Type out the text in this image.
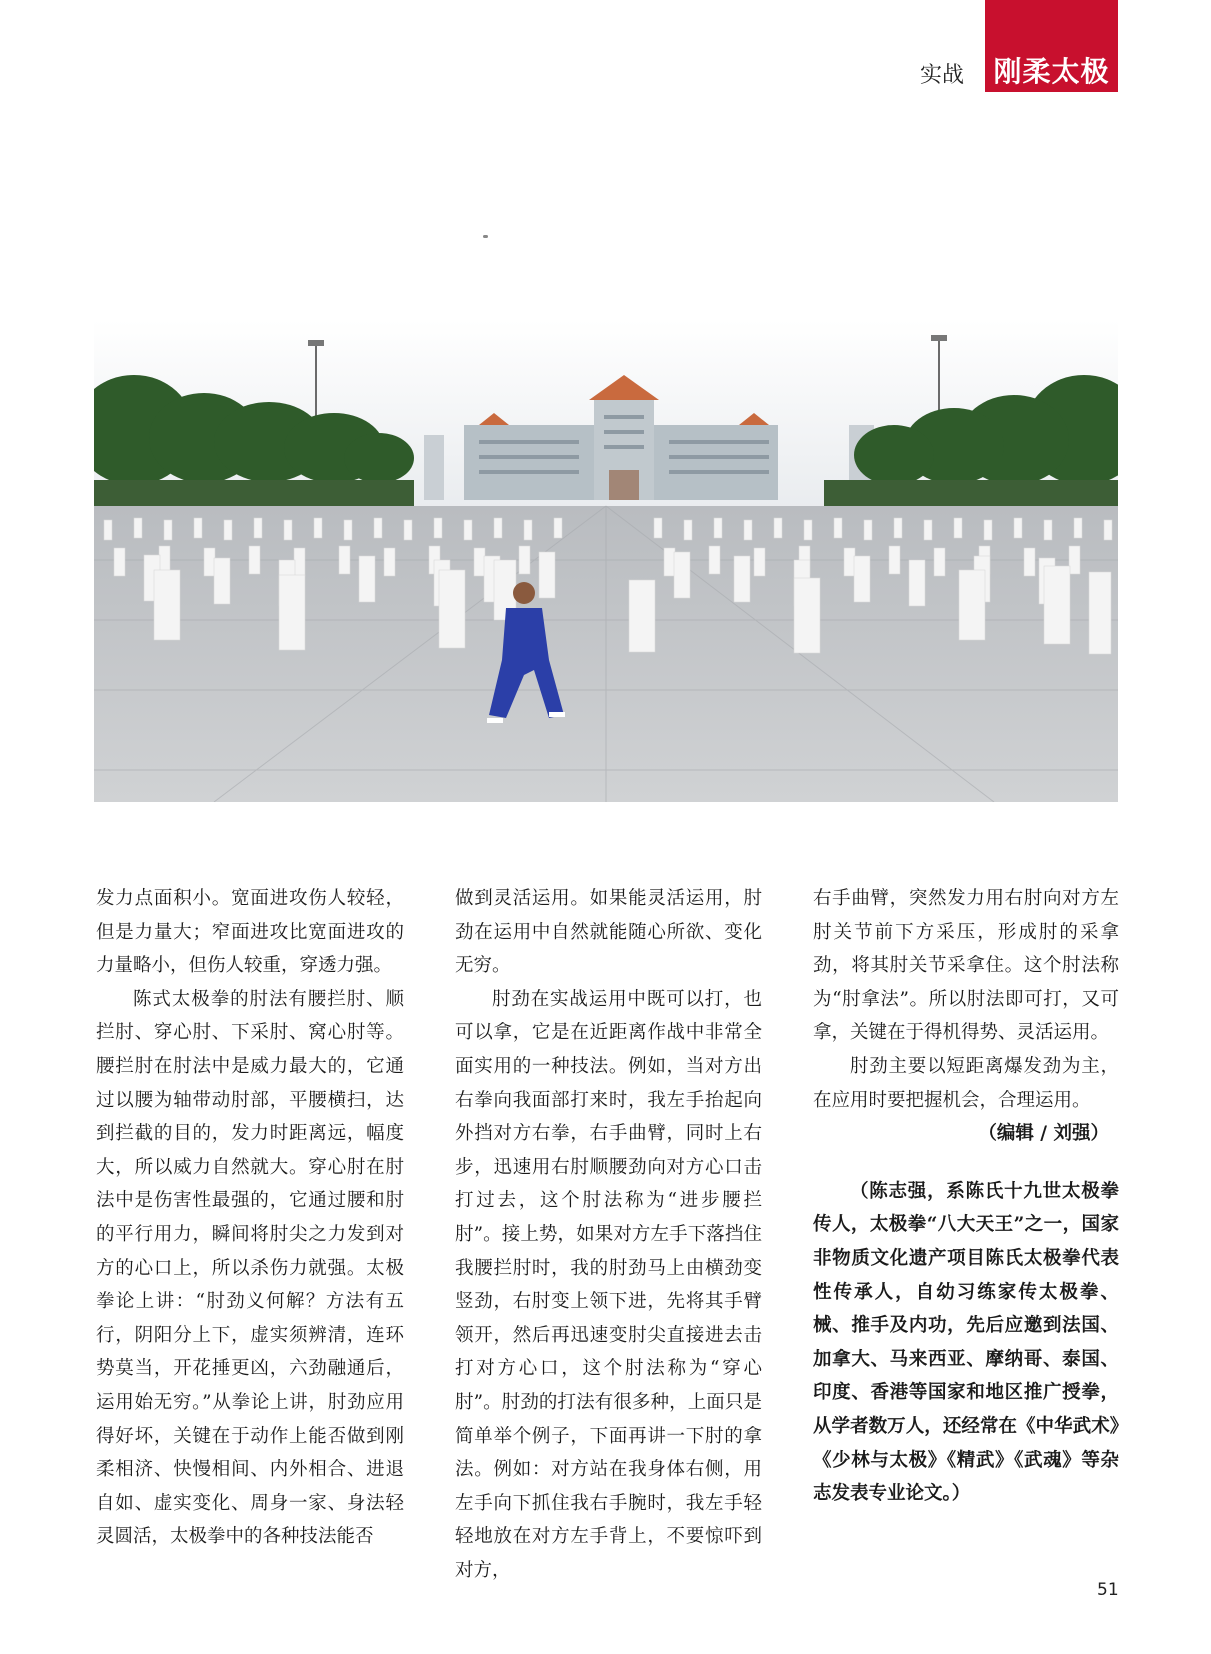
实战	刚柔太极

发力点面积小。宽面进攻伤人较轻，但是力量大；窄面进攻比宽面进攻的力量略小，但伤人较重，穿透力强。

陈式太极拳的肘法有腰拦肘、顺拦肘、穿心肘、下采肘、窝心肘等。腰拦肘在肘法中是威力最大的，它通过以腰为轴带动肘部，平腰横扫，达到拦截的目的，发力时距离远，幅度大，所以威力自然就大。穿心肘在肘法中是伤害性最强的，它通过腰和肘的平行用力，瞬间将肘尖之力发到对方的心口上，所以杀伤力就强。太极拳论上讲：“肘劲义何解？方法有五行，阴阳分上下，虚实须辨清，连环势莫当，开花捶更凶，六劲融通后，运用始无穷。”从拳论上讲，肘劲应用得好坏，关键在于动作上能否做到刚柔相济、快慢相间、内外相合、进退自如、虚实变化、周身一家、身法轻灵圆活，太极拳中的各种技法能否

做到灵活运用。如果能灵活运用，肘劲在运用中自然就能随心所欲、变化无穷。

肘劲在实战运用中既可以打，也可以拿，它是在近距离作战中非常全面实用的一种技法。例如，当对方出右拳向我面部打来时，我左手抬起向外挡对方右拳，右手曲臂，同时上右步，迅速用右肘顺腰劲向对方心口击打过去，这个肘法称为“进步腰拦肘”。接上势，如果对方左手下落挡住我腰拦肘时，我的肘劲马上由横劲变竖劲，右肘变上领下进，先将其手臂领开，然后再迅速变肘尖直接进去击打对方心口，这个肘法称为“穿心肘”。肘劲的打法有很多种，上面只是简单举个例子，下面再讲一下肘的拿法。例如：对方站在我身体右侧，用左手向下抓住我右手腕时，我左手轻轻地放在对方左手背上，不要惊吓到对方，

右手曲臂，突然发力用右肘向对方左肘关节前下方采压，形成肘的采拿劲，将其肘关节采拿住。这个肘法称为“肘拿法”。所以肘法即可打，又可拿，关键在于得机得势、灵活运用。

肘劲主要以短距离爆发劲为主，在应用时要把握机会，合理运用。

（编辑 / 刘强）

（陈志强，系陈氏十九世太极拳传人，太极拳“八大天王”之一，国家非物质文化遗产项目陈氏太极拳代表性传承人，自幼习练家传太极拳、械、推手及内功，先后应邀到法国、加拿大、马来西亚、摩纳哥、泰国、印度、香港等国家和地区推广授拳，从学者数万人，还经常在《中华武术》《少林与太极》《精武》《武魂》等杂志发表专业论文。）

51
